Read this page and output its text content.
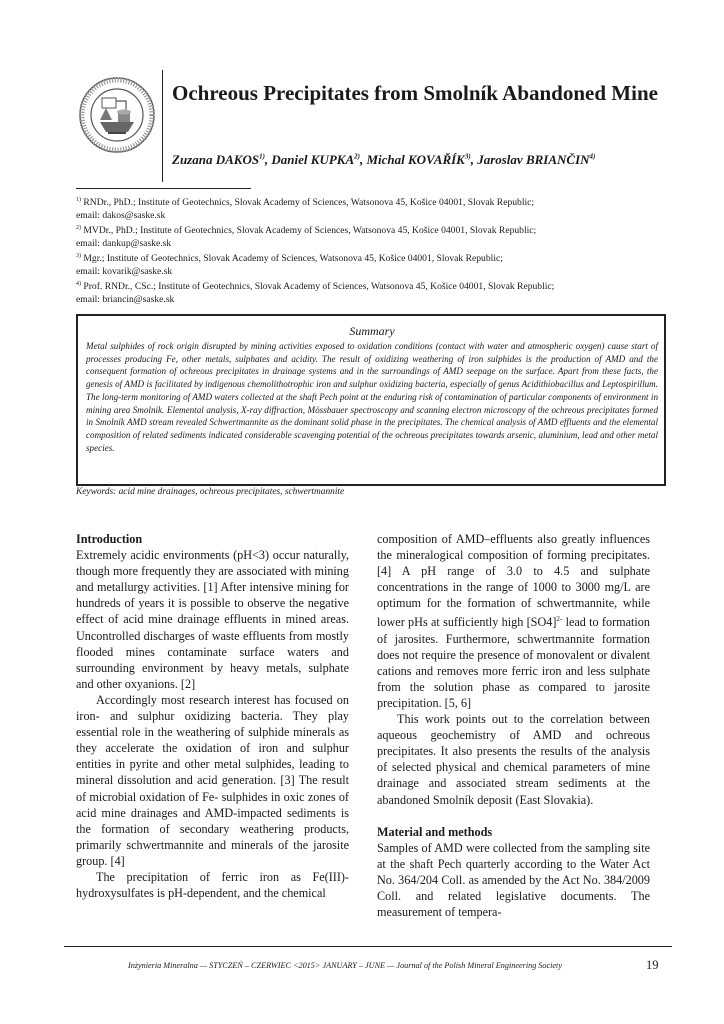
Ochreous Precipitates from Smolník Abandoned Mine
Zuzana DAKOS$^{1)}$, Daniel KUPKA$^{2)}$, Michal KOVAŘÍK$^{3)}$, Jaroslav BRIANČIN$^{4)}$
$^{1)}$ RNDr., PhD.; Institute of Geotechnics, Slovak Academy of Sciences, Watsonova 45, Košice 04001, Slovak Republic;
email: dakos@saske.sk
$^{2)}$ MVDr., PhD.; Institute of Geotechnics, Slovak Academy of Sciences, Watsonova 45, Košice 04001, Slovak Republic;
email: dankup@saske.sk
$^{3)}$ Mgr.; Institute of Geotechnics, Slovak Academy of Sciences, Watsonova 45, Košice 04001, Slovak Republic;
email: kovarik@saske.sk
$^{4)}$ Prof. RNDr., CSc.; Institute of Geotechnics, Slovak Academy of Sciences, Watsonova 45, Košice 04001, Slovak Republic;
email: briancin@saske.sk

Summary

Metal sulphides of rock origin disrupted by mining activities exposed to oxidation conditions (contact with water and atmospheric oxygen) cause start of processes producing Fe, other metals, sulphates and acidity. The result of oxidizing weathering of iron sulphides is the production of AMD and the consequent formation of ochreous precipitates in drainage systems and in the surroundings of AMD seepage on the surface. Apart from these facts, the genesis of AMD is facilitated by indigenous chemolithotrophic iron and sulphur oxidizing bacteria, especially of genus Acidithiobacillus and Leptospirillum. The long-term monitoring of AMD waters collected at the shaft Pech point at the enduring risk of contamination of particular components of environment in mining area Smolník. Elemental analysis, X-ray diffraction, Mössbauer spectroscopy and scanning electron microscopy of the ochreous precipitates formed in Smolník AMD stream revealed Schwertmannite as the dominant solid phase in the precipitates. The chemical analysis of AMD effluents and the elemental composition of related sediments indicated considerable scavenging potential of the ochreous precipitates towards arsenic, aluminium, lead and other metal species.

Keywords: acid mine drainages, ochreous precipitates, schwertmannite
Introduction

Extremely acidic environments (pH<3) occur naturally, though more frequently they are associated with mining and metallurgy activities. [1] After intensive mining for hundreds of years it is possible to observe the negative effect of acid mine drainage effluents in mined areas. Uncontrolled discharges of waste effluents from mostly flooded mines contaminate surface waters and surrounding environment by heavy metals, sulphate and other oxyanions. [2]

Accordingly most research interest has focused on iron- and sulphur oxidizing bacteria. They play essential role in the weathering of sulphide minerals as they accelerate the oxidation of iron and sulphur entities in pyrite and other metal sulphides, leading to mineral dissolution and acid generation. [3] The result of microbial oxidation of Fe- sulphides in oxic zones of acid mine drainages and AMD-impacted sediments is the formation of secondary weathering products, primarily schwertmannite and minerals of the jarosite group. [4]

The precipitation of ferric iron as Fe(III)-hydroxysulfates is pH-dependent, and the chemical

composition of AMD–effluents also greatly influences the mineralogical composition of forming precipitates. [4] A pH range of 3.0 to 4.5 and sulphate concentrations in the range of 1000 to 3000 mg/L are optimum for the formation of schwertmannite, while lower pHs at sufficiently high $[SO4]^{2-}$ lead to formation of jarosites. Furthermore, schwertmannite formation does not require the presence of monovalent or divalent cations and removes more ferric iron and less sulphate from the solution phase as compared to jarosite precipitation. [5, 6]

This work points out to the correlation between aqueous geochemistry of AMD and ochreous precipitates. It also presents the results of the analysis of selected physical and chemical parameters of mine drainage and associated stream sediments at the abandoned Smolník deposit (East Slovakia).

Material and methods

Samples of AMD were collected from the sampling site at the shaft Pech quarterly according to the Water Act No. 364/204 Coll. as amended by the Act No. 384/2009 Coll. and related legislative documents. The measurement of tempera-

Inżynieria Mineralna — STYCZEŃ – CZERWIEC <2015> JANUARY – JUNE — Journal of the Polish Mineral Engineering Society	19
